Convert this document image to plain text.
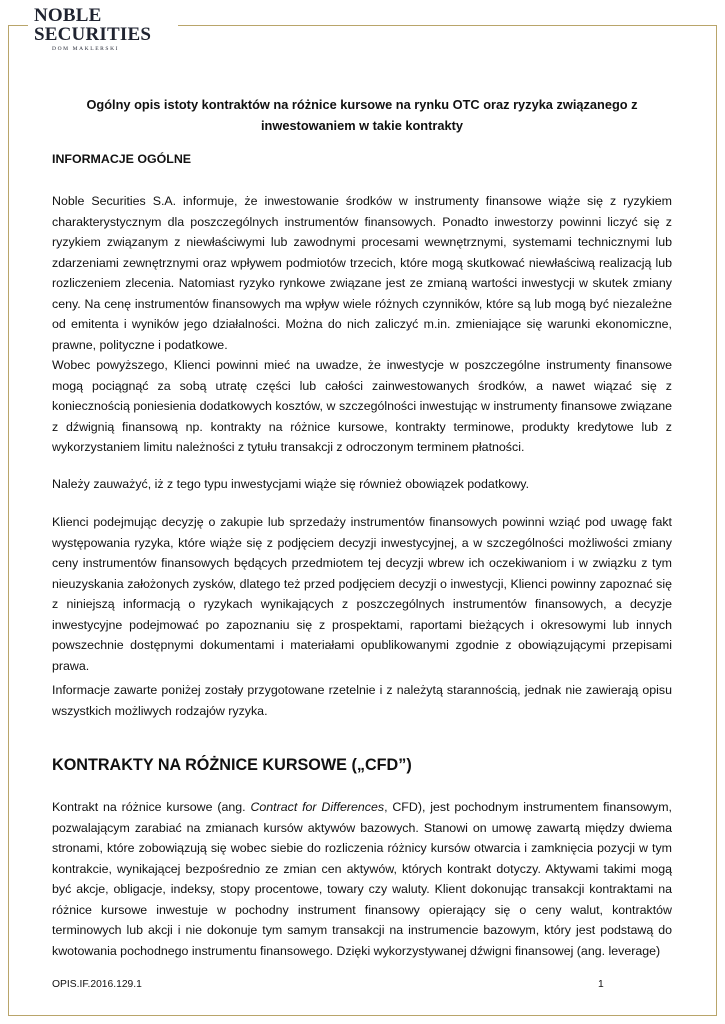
NOBLE
SECURITIES
DOM MAKLERSKI
Ogólny opis istoty kontraktów na różnice kursowe na rynku OTC oraz ryzyka związanego z inwestowaniem w takie kontrakty
INFORMACJE OGÓLNE
Noble Securities S.A. informuje, że inwestowanie środków w instrumenty finansowe wiąże się z ryzykiem charakterystycznym dla poszczególnych instrumentów finansowych. Ponadto inwestorzy powinni liczyć się z ryzykiem związanym z niewłaściwymi lub zawodnymi procesami wewnętrznymi, systemami technicznymi lub zdarzeniami zewnętrznymi oraz wpływem podmiotów trzecich, które mogą skutkować niewłaściwą realizacją lub rozliczeniem zlecenia. Natomiast ryzyko rynkowe związane jest ze zmianą wartości inwestycji w skutek zmiany ceny. Na cenę instrumentów finansowych ma wpływ wiele różnych czynników, które są lub mogą być niezależne od emitenta i wyników jego działalności. Można do nich zaliczyć m.in. zmieniające się warunki ekonomiczne, prawne, polityczne i podatkowe.
Wobec powyższego, Klienci powinni mieć na uwadze, że inwestycje w poszczególne instrumenty finansowe mogą pociągnąć za sobą utratę części lub całości zainwestowanych środków, a nawet wiązać się z koniecznością poniesienia dodatkowych kosztów, w szczególności inwestując w instrumenty finansowe związane z dźwignią finansową np. kontrakty na różnice kursowe, kontrakty terminowe, produkty kredytowe lub z wykorzystaniem limitu należności z tytułu transakcji z odroczonym terminem płatności.
Należy zauważyć, iż z tego typu inwestycjami wiąże się również obowiązek podatkowy.
Klienci podejmując decyzję o zakupie lub sprzedaży instrumentów finansowych powinni wziąć pod uwagę fakt występowania ryzyka, które wiąże się z podjęciem decyzji inwestycyjnej, a w szczególności możliwości zmiany ceny instrumentów finansowych będących przedmiotem tej decyzji wbrew ich oczekiwaniom i w związku z tym nieuzyskania założonych zysków, dlatego też przed podjęciem decyzji o inwestycji, Klienci powinny zapoznać się z niniejszą informacją o ryzykach wynikających z poszczególnych instrumentów finansowych, a decyzje inwestycyjne podejmować po zapoznaniu się z prospektami, raportami bieżących i okresowymi lub innych powszechnie dostępnymi dokumentami i materiałami opublikowanymi zgodnie z obowiązującymi przepisami prawa.
Informacje zawarte poniżej zostały przygotowane rzetelnie i z należytą starannością, jednak nie zawierają opisu wszystkich możliwych rodzajów ryzyka.
KONTRAKTY NA RÓŻNICE KURSOWE („CFD”)
Kontrakt na różnice kursowe (ang. Contract for Differences, CFD), jest pochodnym instrumentem finansowym, pozwalającym zarabiać na zmianach kursów aktywów bazowych. Stanowi on umowę zawartą między dwiema stronami, które zobowiązują się wobec siebie do rozliczenia różnicy kursów otwarcia i zamknięcia pozycji w tym kontrakcie, wynikającej bezpośrednio ze zmian cen aktywów, których kontrakt dotyczy. Aktywami takimi mogą być akcje, obligacje, indeksy, stopy procentowe, towary czy waluty. Klient dokonując transakcji kontraktami na różnice kursowe inwestuje w pochodny instrument finansowy opierający się o ceny walut, kontraktów terminowych lub akcji i nie dokonuje tym samym transakcji na instrumencie bazowym, który jest podstawą do kwotowania pochodnego instrumentu finansowego. Dzięki wykorzystywanej dźwigni finansowej (ang. leverage)
OPIS.IF.2016.129.1	1
